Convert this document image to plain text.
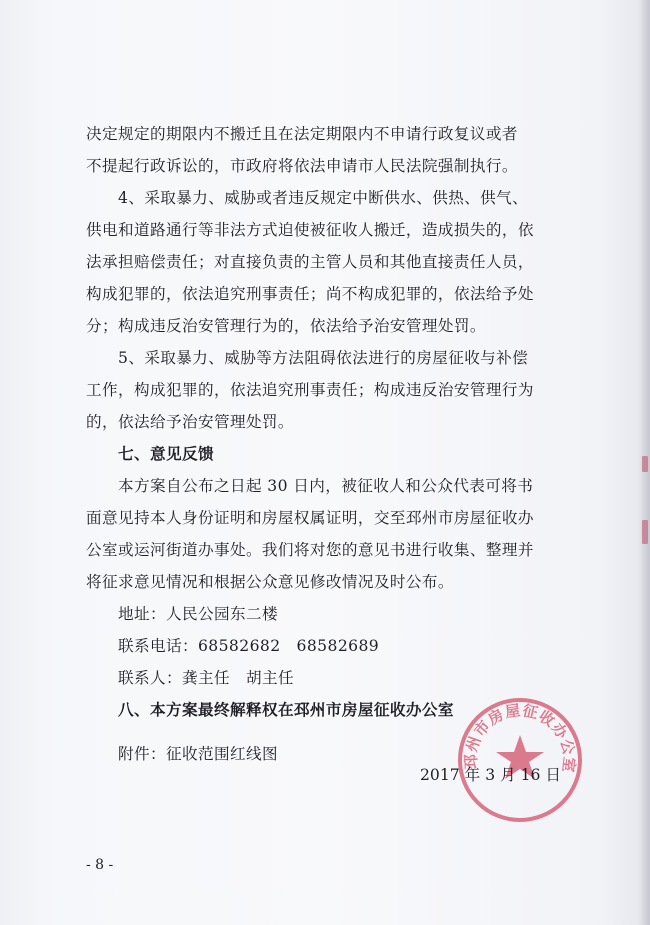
决定规定的期限内不搬迁且在法定期限内不申请行政复议或者
不提起行政诉讼的，市政府将依法申请市人民法院强制执行。
4、采取暴力、威胁或者违反规定中断供水、供热、供气、
供电和道路通行等非法方式迫使被征收人搬迁，造成损失的，依
法承担赔偿责任；对直接负责的主管人员和其他直接责任人员，
构成犯罪的，依法追究刑事责任；尚不构成犯罪的，依法给予处
分；构成违反治安管理行为的，依法给予治安管理处罚。
5、采取暴力、威胁等方法阻碍依法进行的房屋征收与补偿
工作，构成犯罪的，依法追究刑事责任；构成违反治安管理行为
的，依法给予治安管理处罚。
七、意见反馈
本方案自公布之日起 30 日内，被征收人和公众代表可将书
面意见持本人身份证明和房屋权属证明，交至邳州市房屋征收办
公室或运河街道办事处。我们将对您的意见书进行收集、整理并
将征求意见情况和根据公众意见修改情况及时公布。
地址：人民公园东二楼
联系电话：68582682　68582689
联系人：龚主任　胡主任
八、本方案最终解释权在邳州市房屋征收办公室
附件：征收范围红线图	邳州市房屋征收办公室
2017 年 3 月 16 日
- 8 -
